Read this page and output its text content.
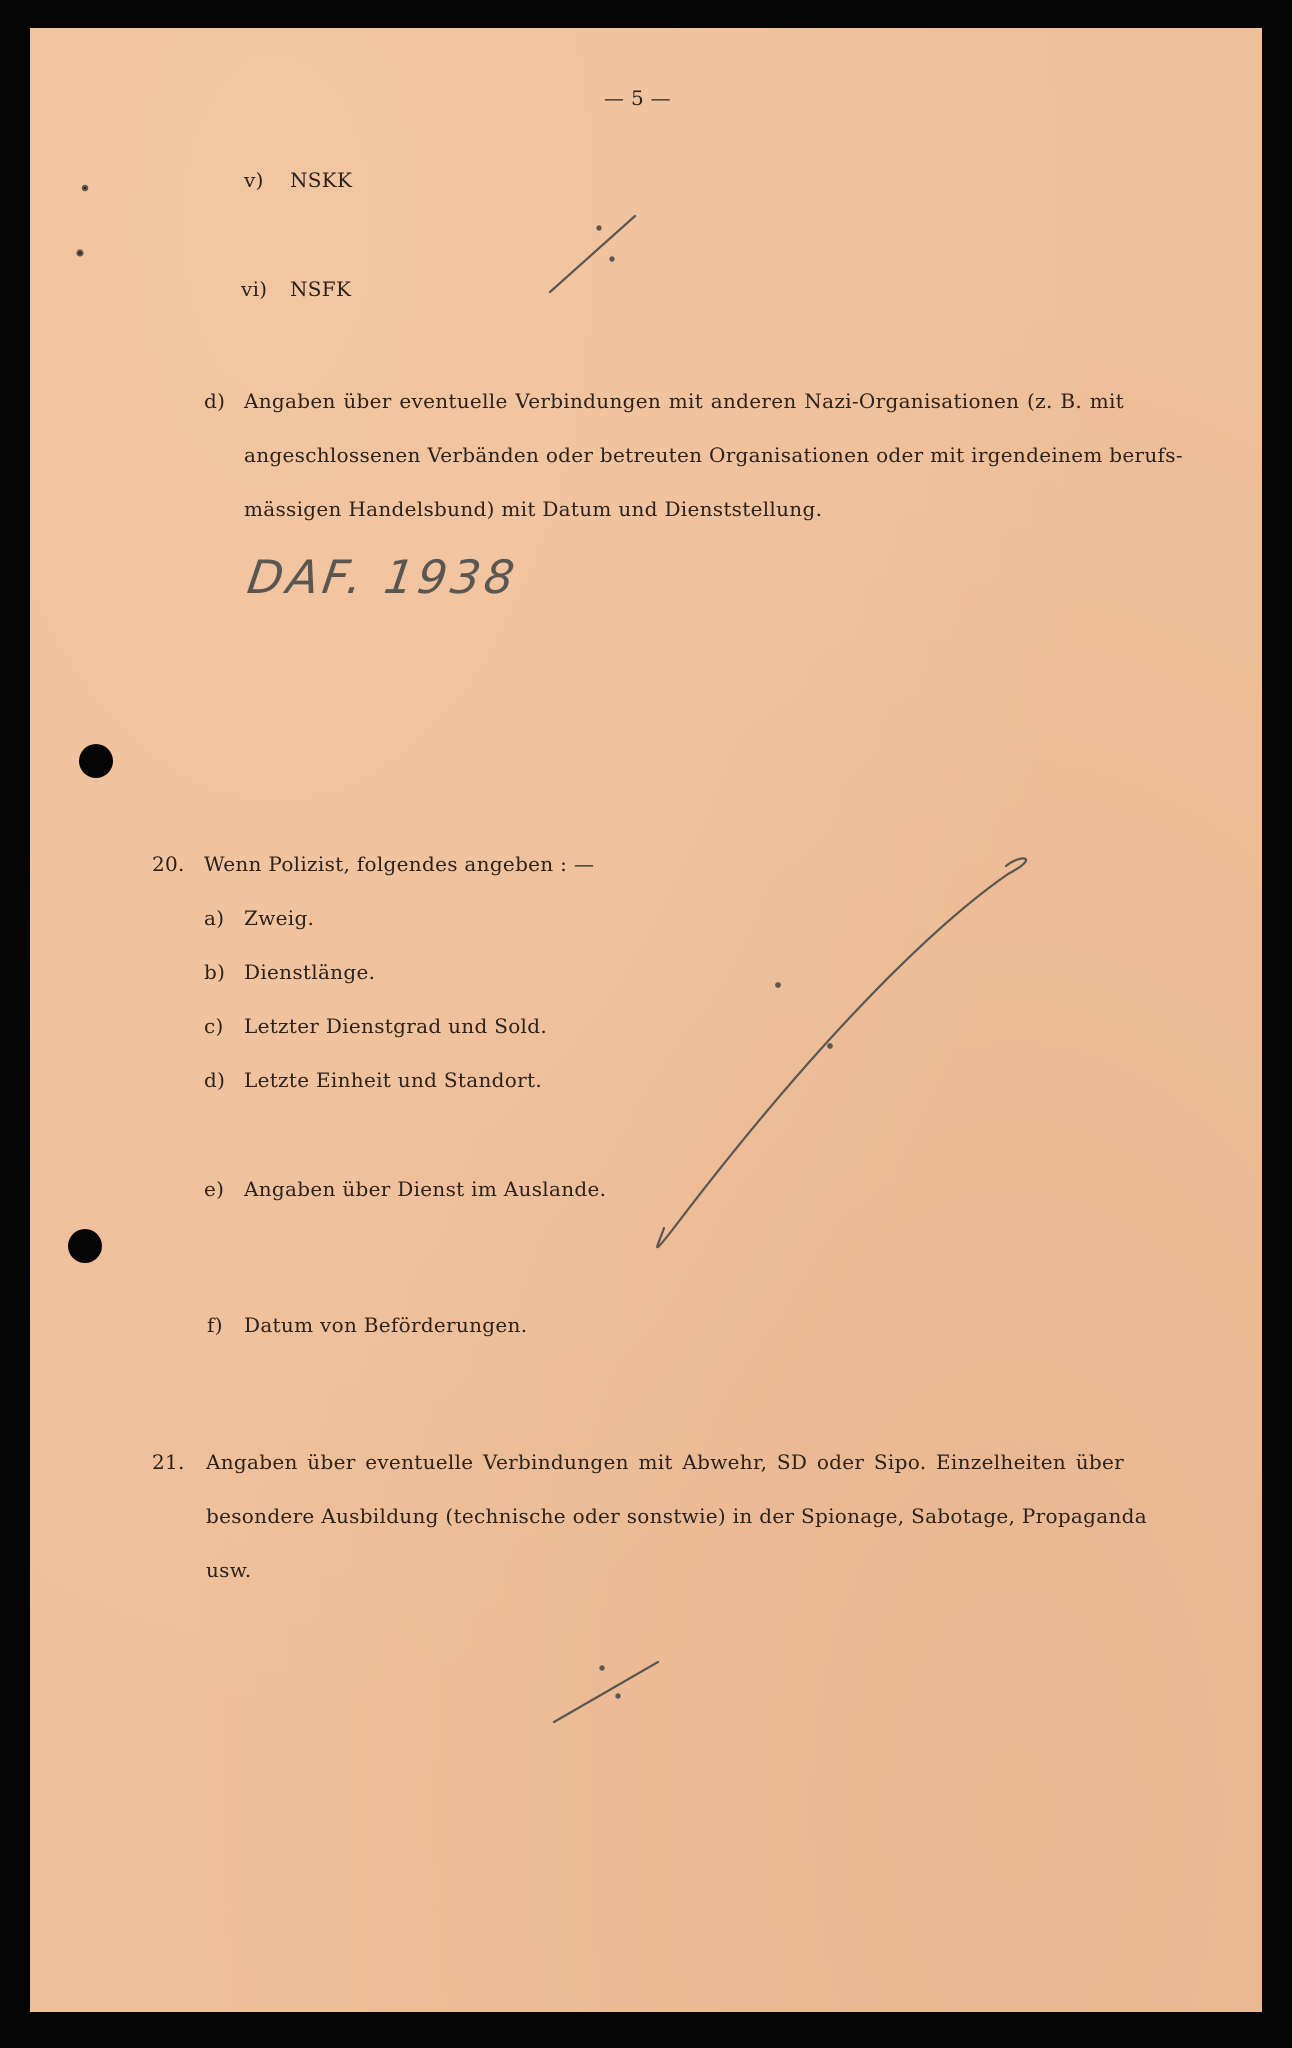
— 5 —
v) NSKK
vi) NSFK
d) Angaben über eventuelle Verbindungen mit anderen Nazi-Organisationen (z. B. mit
angeschlossenen Verbänden oder betreuten Organisationen oder mit irgendeinem berufs-
mässigen Handelsbund) mit Datum und Dienststellung.
DAF. 1938
20. Wenn Polizist, folgendes angeben : —
a) Zweig.
b) Dienstlänge.
c) Letzter Dienstgrad und Sold.
d) Letzte Einheit und Standort.
e) Angaben über Dienst im Auslande.
f) Datum von Beförderungen.
21. Angaben über eventuelle Verbindungen mit Abwehr, SD oder Sipo. Einzelheiten über
besondere Ausbildung (technische oder sonstwie) in der Spionage, Sabotage, Propaganda
usw.
